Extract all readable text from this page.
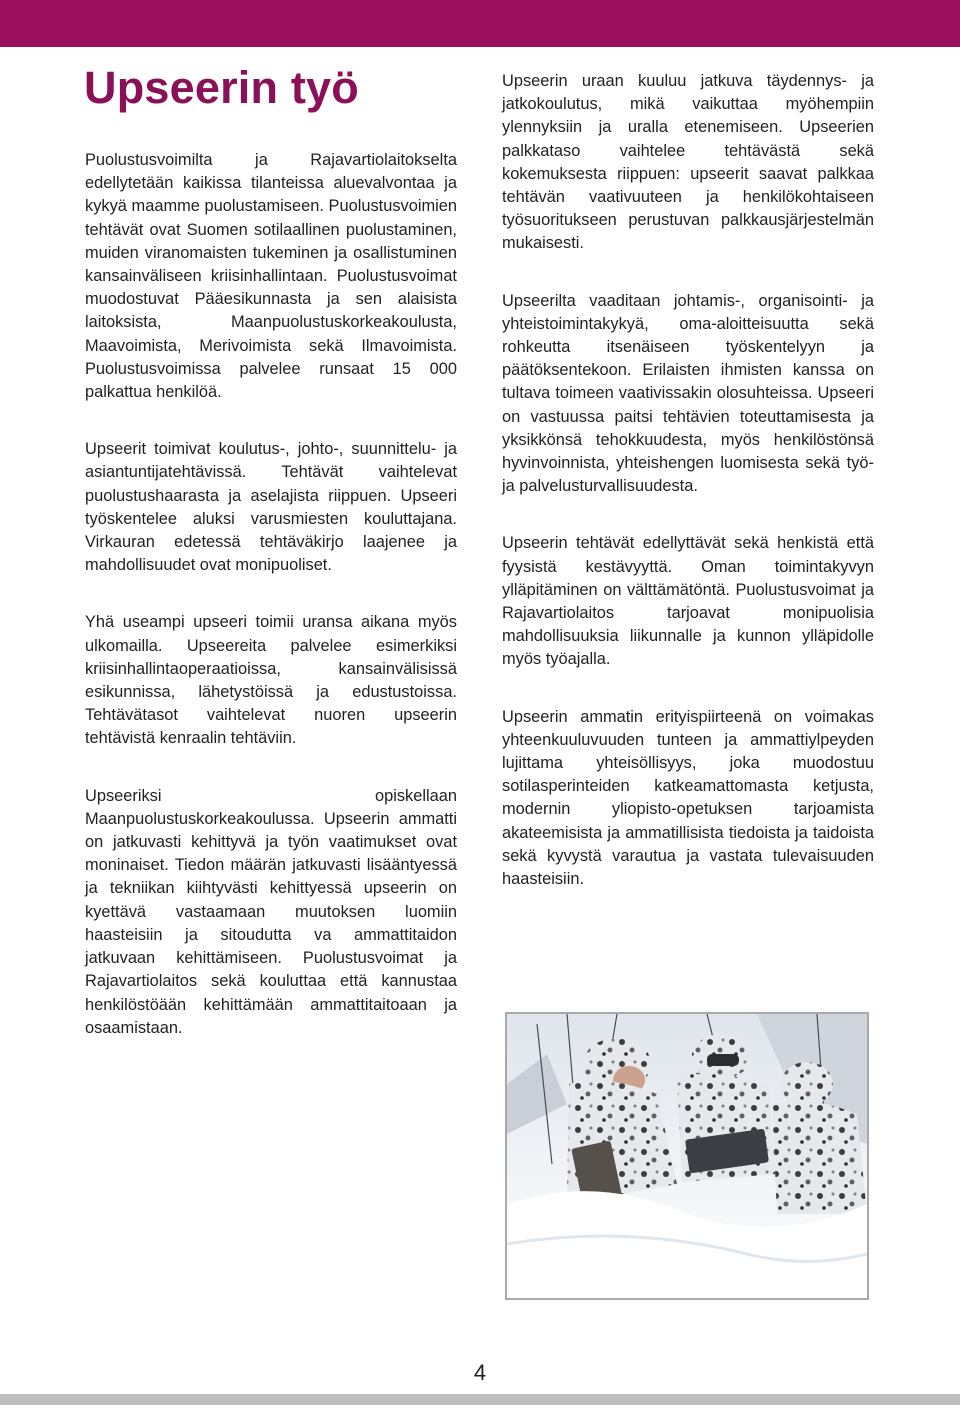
Upseerin työ

Puolustusvoimilta ja Rajavartiolaitokselta edellytetään kaikissa tilanteissa aluevalvontaa ja kykyä maamme puolustamiseen. Puolustusvoimien tehtävät ovat Suomen sotilaallinen puolustaminen, muiden viranomaisten tukeminen ja osallistuminen kansainväliseen kriisinhallintaan. Puolustusvoimat muodostuvat Pääesikunnasta ja sen alaisista laitoksista, Maanpuolustuskorkeakoulusta, Maavoimista, Merivoimista sekä Ilmavoimista. Puolustusvoimissa palvelee runsaat 15 000 palkattua henkilöä.

Upseerit toimivat koulutus-, johto-, suunnittelu- ja asiantuntijatehtävissä. Tehtävät vaihtelevat puolustushaarasta ja aselajista riippuen. Upseeri työskentelee aluksi varusmiesten kouluttajana. Virkauran edetessä tehtäväkirjo laajenee ja mahdollisuudet ovat monipuoliset.

Yhä useampi upseeri toimii uransa aikana myös ulkomailla. Upseereita palvelee esimerkiksi kriisinhallintaoperaatioissa, kansainvälisissä esikunnissa, lähetystöissä ja edustustoissa. Tehtävätasot vaihtelevat nuoren upseerin tehtävistä kenraalin tehtäviin.

Upseeriksi opiskellaan Maanpuolustuskorkeakoulussa. Upseerin ammatti on jatkuvasti kehittyvä ja työn vaatimukset ovat moninaiset. Tiedon määrän jatkuvasti lisääntyessä ja tekniikan kiihtyvästi kehittyessä upseerin on kyettävä vastaamaan muutoksen luomiin haasteisiin ja sitoudutta va ammattitaidon jatkuvaan kehittämiseen. Puolustusvoimat ja Rajavartiolaitos sekä kouluttaa että kannustaa henkilöstöään kehittämään ammattitaitoaan ja osaamistaan.

Upseerin uraan kuuluu jatkuva täydennys- ja jatkokoulutus, mikä vaikuttaa myöhempiin ylennyksiin ja uralla etenemiseen. Upseerien palkkataso vaihtelee tehtävästä sekä kokemuksesta riippuen: upseerit saavat palkkaa tehtävän vaativuuteen ja henkilökohtaiseen työsuoritukseen perustuvan palkkausjärjestelmän mukaisesti.

Upseerilta vaaditaan johtamis-, organisointi- ja yhteistoimintakykyä, oma-aloitteisuutta sekä rohkeutta itsenäiseen työskentelyyn ja päätöksentekoon. Erilaisten ihmisten kanssa on tultava toimeen vaativissakin olosuhteissa. Upseeri on vastuussa paitsi tehtävien toteuttamisesta ja yksikkönsä tehokkuudesta, myös henkilöstönsä hyvinvoinnista, yhteishengen luomisesta sekä työ- ja palvelusturvallisuudesta.

Upseerin tehtävät edellyttävät sekä henkistä että fyysistä kestävyyttä. Oman toimintakyvyn ylläpitäminen on välttämätöntä. Puolustusvoimat ja Rajavartiolaitos tarjoavat monipuolisia mahdollisuuksia liikunnalle ja kunnon ylläpidolle myös työajalla.

Upseerin ammatin erityispiirteenä on voimakas yhteenkuuluvuuden tunteen ja ammattiylpeyden lujittama yhteisöllisyys, joka muodostuu sotilasperinteiden katkeamattomasta ketjusta, modernin yliopisto-opetuksen tarjoamista akateemisista ja ammatillisista tiedoista ja taidoista sekä kyvystä varautua ja vastata tulevaisuuden haasteisiin.

4
